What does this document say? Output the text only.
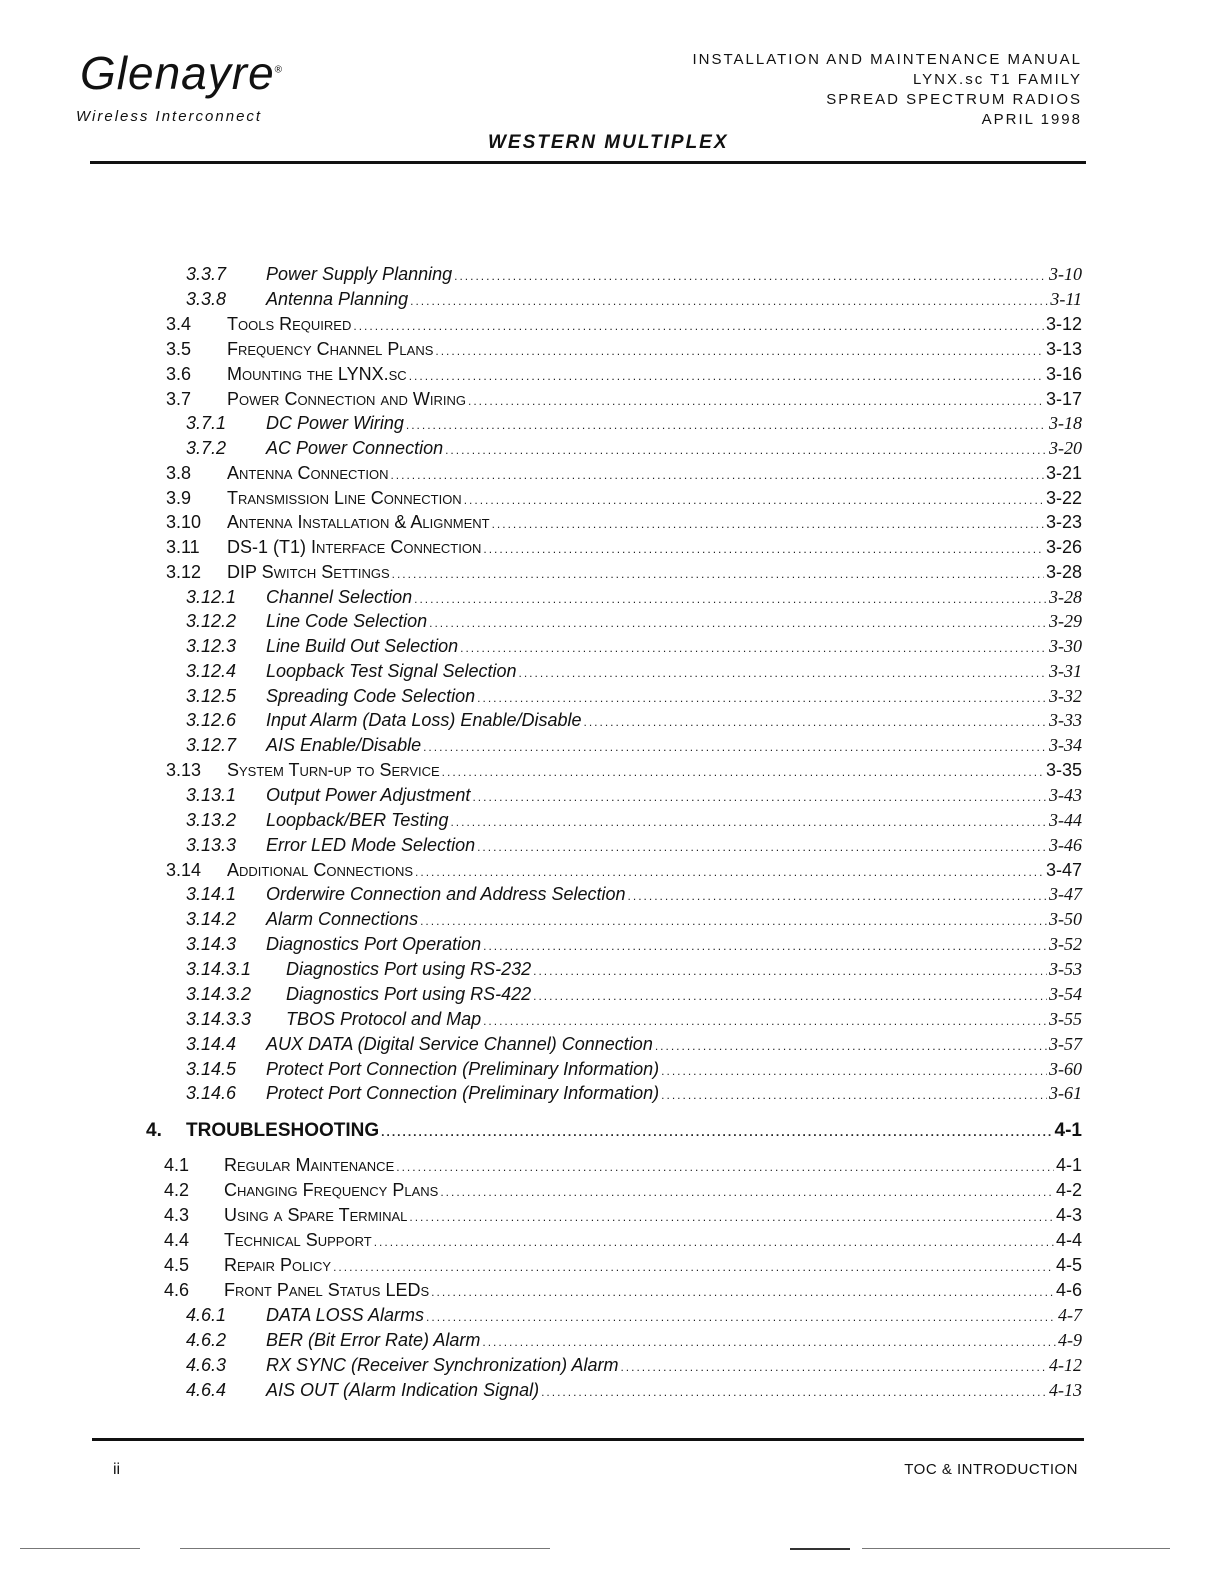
Glenayre®
Wireless Interconnect
INSTALLATION AND MAINTENANCE MANUAL
LYNX.sc T1 FAMILY
SPREAD SPECTRUM RADIOS
APRIL 1998
WESTERN MULTIPLEX
3.3.7	Power Supply Planning .....	3-10
3.3.8	Antenna Planning .....	3-11
3.4	Tools Required .....	3-12
3.5	Frequency Channel Plans .....	3-13
3.6	Mounting the LYNX.sc .....	3-16
3.7	Power Connection and Wiring .....	3-17
3.7.1	DC Power Wiring .....	3-18
3.7.2	AC Power Connection .....	3-20
3.8	Antenna Connection .....	3-21
3.9	Transmission Line Connection .....	3-22
3.10	Antenna Installation & Alignment .....	3-23
3.11	DS-1 (T1) Interface Connection .....	3-26
3.12	DIP Switch Settings .....	3-28
3.12.1	Channel Selection .....	3-28
3.12.2	Line Code Selection .....	3-29
3.12.3	Line Build Out Selection .....	3-30
3.12.4	Loopback Test Signal Selection .....	3-31
3.12.5	Spreading Code Selection .....	3-32
3.12.6	Input Alarm (Data Loss) Enable/Disable .....	3-33
3.12.7	AIS Enable/Disable .....	3-34
3.13	System Turn-up to Service .....	3-35
3.13.1	Output Power Adjustment .....	3-43
3.13.2	Loopback/BER Testing .....	3-44
3.13.3	Error LED Mode Selection .....	3-46
3.14	Additional Connections .....	3-47
3.14.1	Orderwire Connection and Address Selection .....	3-47
3.14.2	Alarm Connections .....	3-50
3.14.3	Diagnostics Port Operation .....	3-52
3.14.3.1	Diagnostics Port using RS-232 .....	3-53
3.14.3.2	Diagnostics Port using RS-422 .....	3-54
3.14.3.3	TBOS Protocol and Map .....	3-55
3.14.4	AUX DATA (Digital Service Channel) Connection .....	3-57
3.14.5	Protect Port Connection (Preliminary Information) .....	3-60
3.14.6	Protect Port Connection (Preliminary Information) .....	3-61
4.	TROUBLESHOOTING .....	4-1
4.1	Regular Maintenance .....	4-1
4.2	Changing Frequency Plans .....	4-2
4.3	Using a Spare Terminal .....	4-3
4.4	Technical Support .....	4-4
4.5	Repair Policy .....	4-5
4.6	Front Panel Status LEDs .....	4-6
4.6.1	DATA LOSS Alarms .....	4-7
4.6.2	BER (Bit Error Rate) Alarm .....	4-9
4.6.3	RX SYNC (Receiver Synchronization) Alarm .....	4-12
4.6.4	AIS OUT (Alarm Indication Signal) .....	4-13
ii	TOC & INTRODUCTION
